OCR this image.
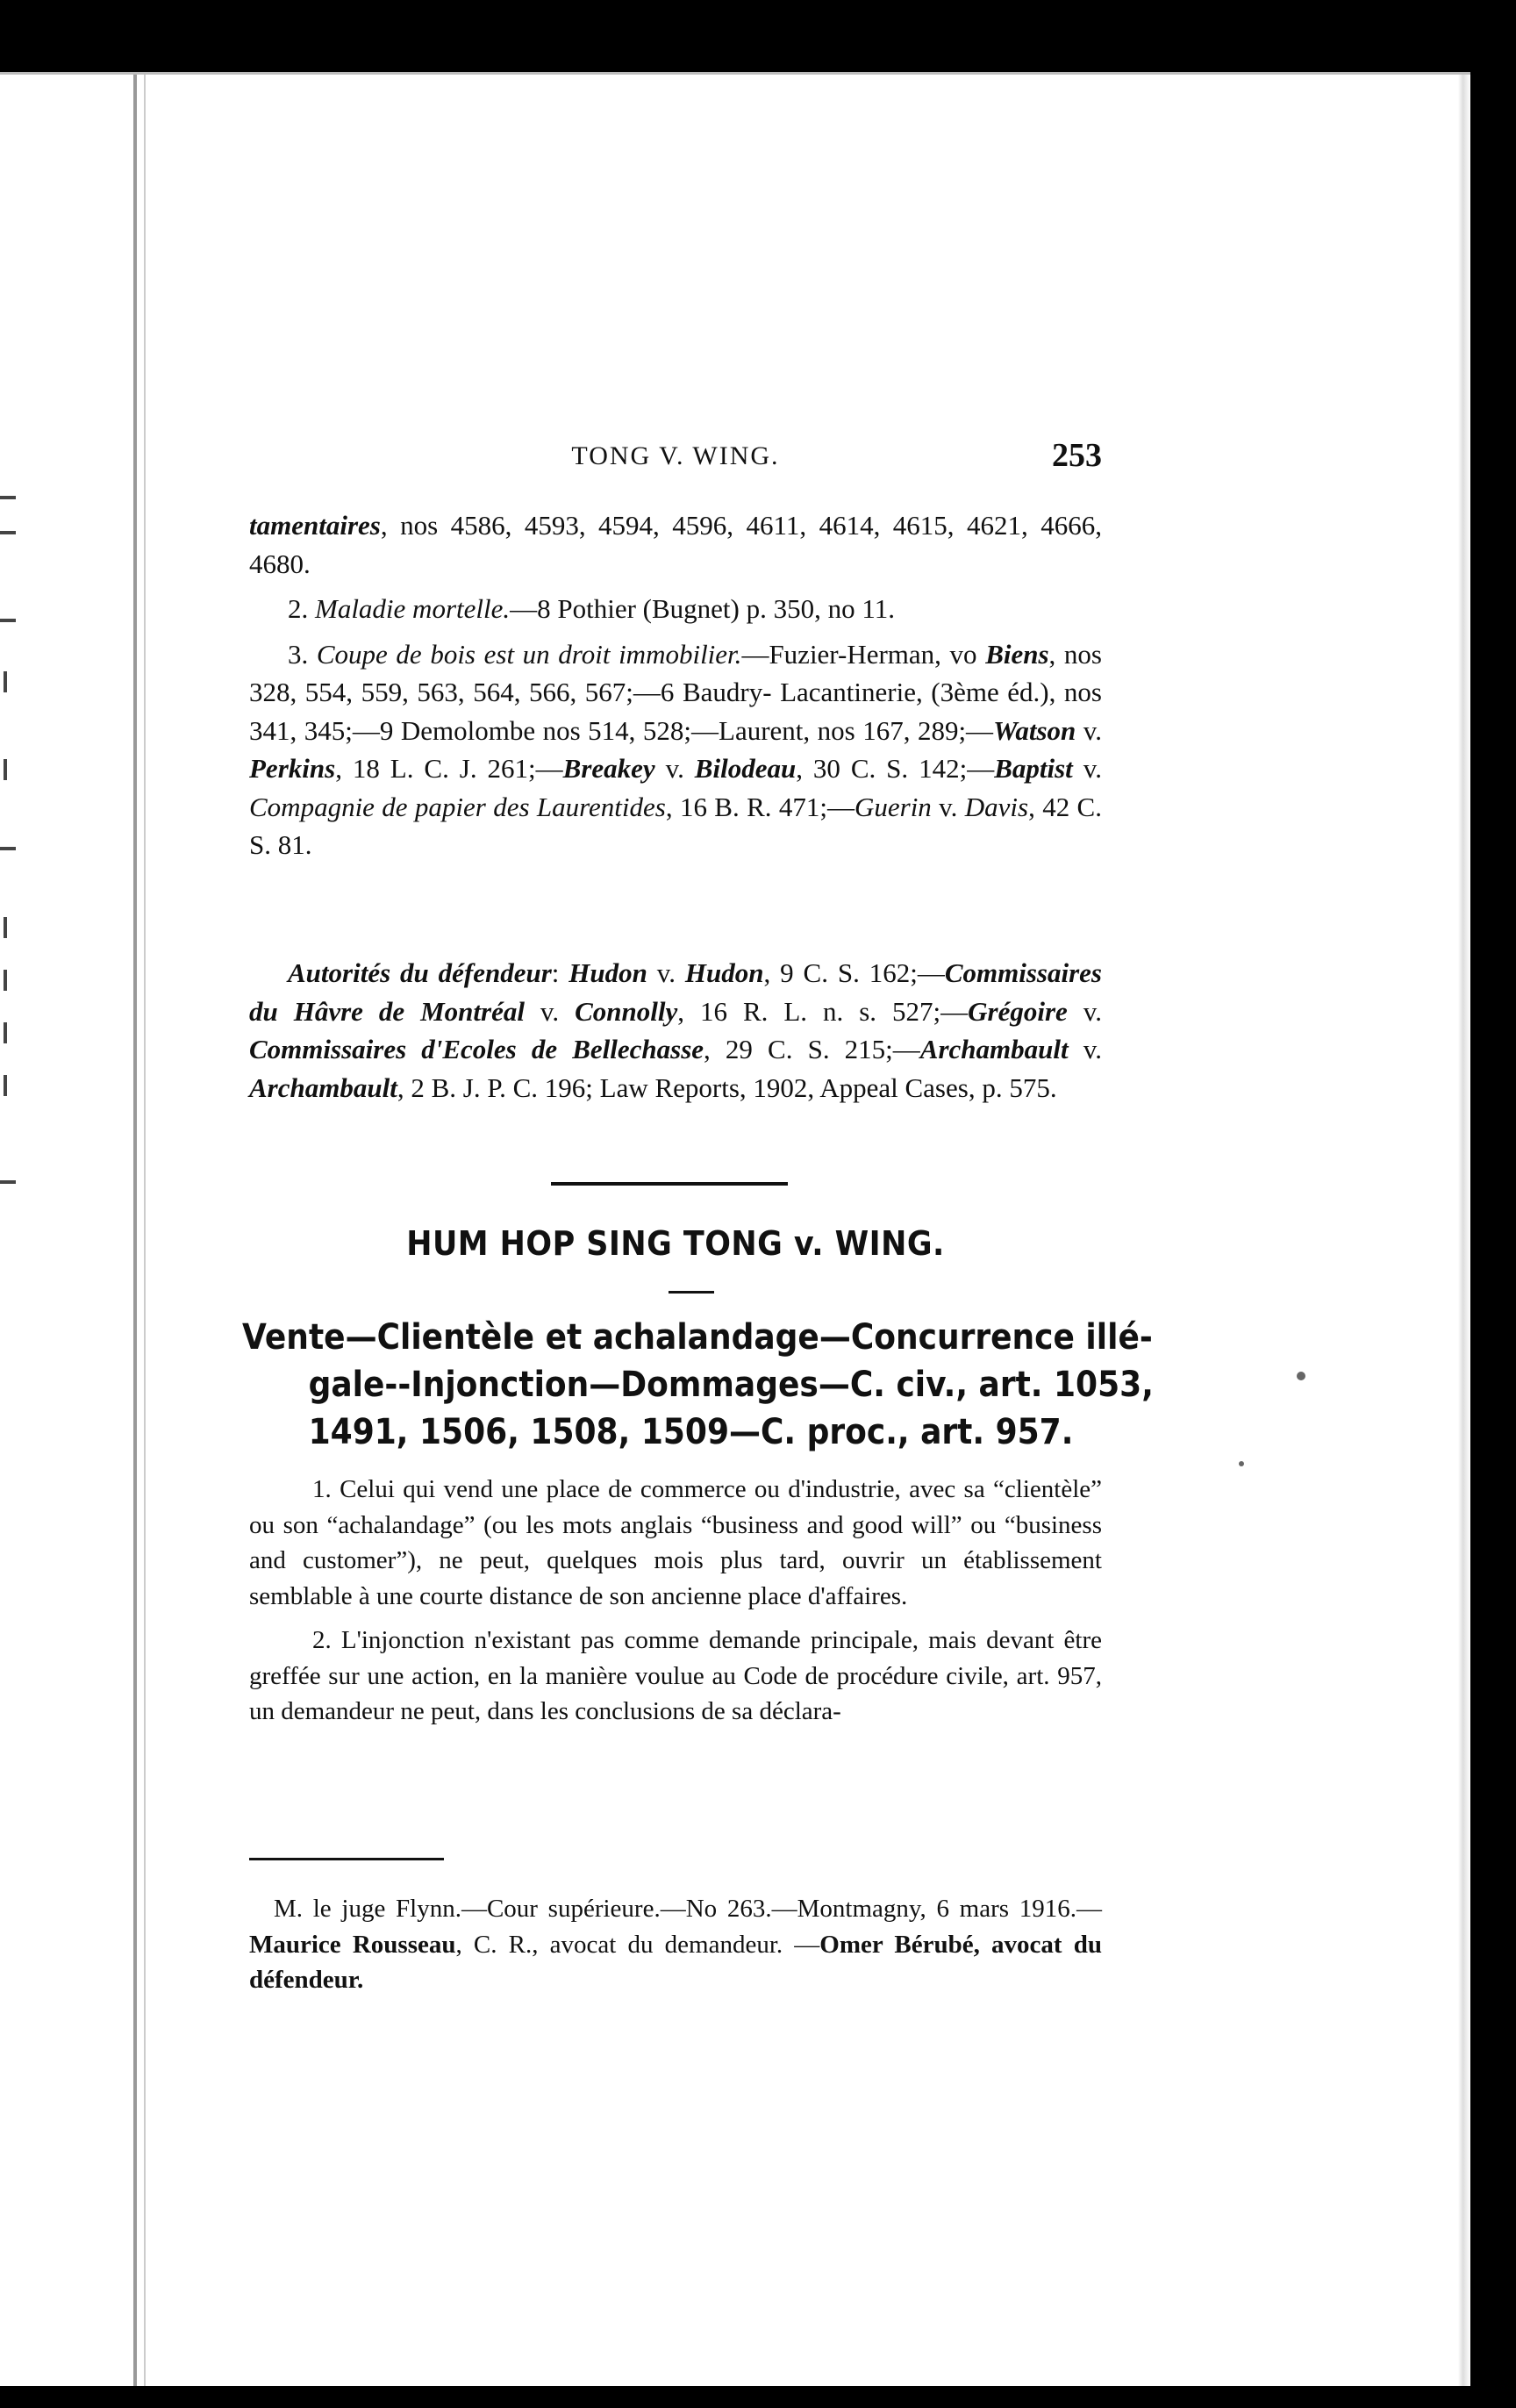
TONG V. WING.	253

tamentaires, nos 4586, 4593, 4594, 4596, 4611, 4614, 4615, 4621, 4666, 4680.

2. Maladie mortelle.—8 Pothier (Bugnet) p. 350, no 11.

3. Coupe de bois est un droit immobilier.—Fuzier-Herman, vo Biens, nos 328, 554, 559, 563, 564, 566, 567;—6 Baudry- Lacantinerie, (3ème éd.), nos 341, 345;—9 Demolombe nos 514, 528;—Laurent, nos 167, 289;—Watson v. Perkins, 18 L. C. J. 261;—Breakey v. Bilodeau, 30 C. S. 142;—Baptist v. Compagnie de papier des Laurentides, 16 B. R. 471;—Guerin v. Davis, 42 C. S. 81.

Autorités du défendeur: Hudon v. Hudon, 9 C. S. 162;—Commissaires du Hâvre de Montréal v. Connolly, 16 R. L. n. s. 527;—Grégoire v. Commissaires d'Ecoles de Bellechasse, 29 C. S. 215;—Archambault v. Archambault, 2 B. J. P. C. 196; Law Reports, 1902, Appeal Cases, p. 575.

HUM HOP SING TONG v. WING.
Vente—Clientèle et achalandage—Concurrence illé-
gale--Injonction—Dommages—C. civ., art. 1053,
1491, 1506, 1508, 1509—C. proc., art. 957.

1. Celui qui vend une place de commerce ou d'industrie, avec sa “clientèle” ou son “achalandage” (ou les mots anglais “business and good will” ou “business and customer”), ne peut, quelques mois plus tard, ouvrir un établissement semblable à une courte distance de son ancienne place d'affaires.

2. L'injonction n'existant pas comme demande principale, mais devant être greffée sur une action, en la manière voulue au Code de procédure civile, art. 957, un demandeur ne peut, dans les conclusions de sa déclara-

M. le juge Flynn.—Cour supérieure.—No 263.—Montmagny, 6 mars 1916.—Maurice Rousseau, C. R., avocat du demandeur. —Omer Bérubé, avocat du défendeur.
